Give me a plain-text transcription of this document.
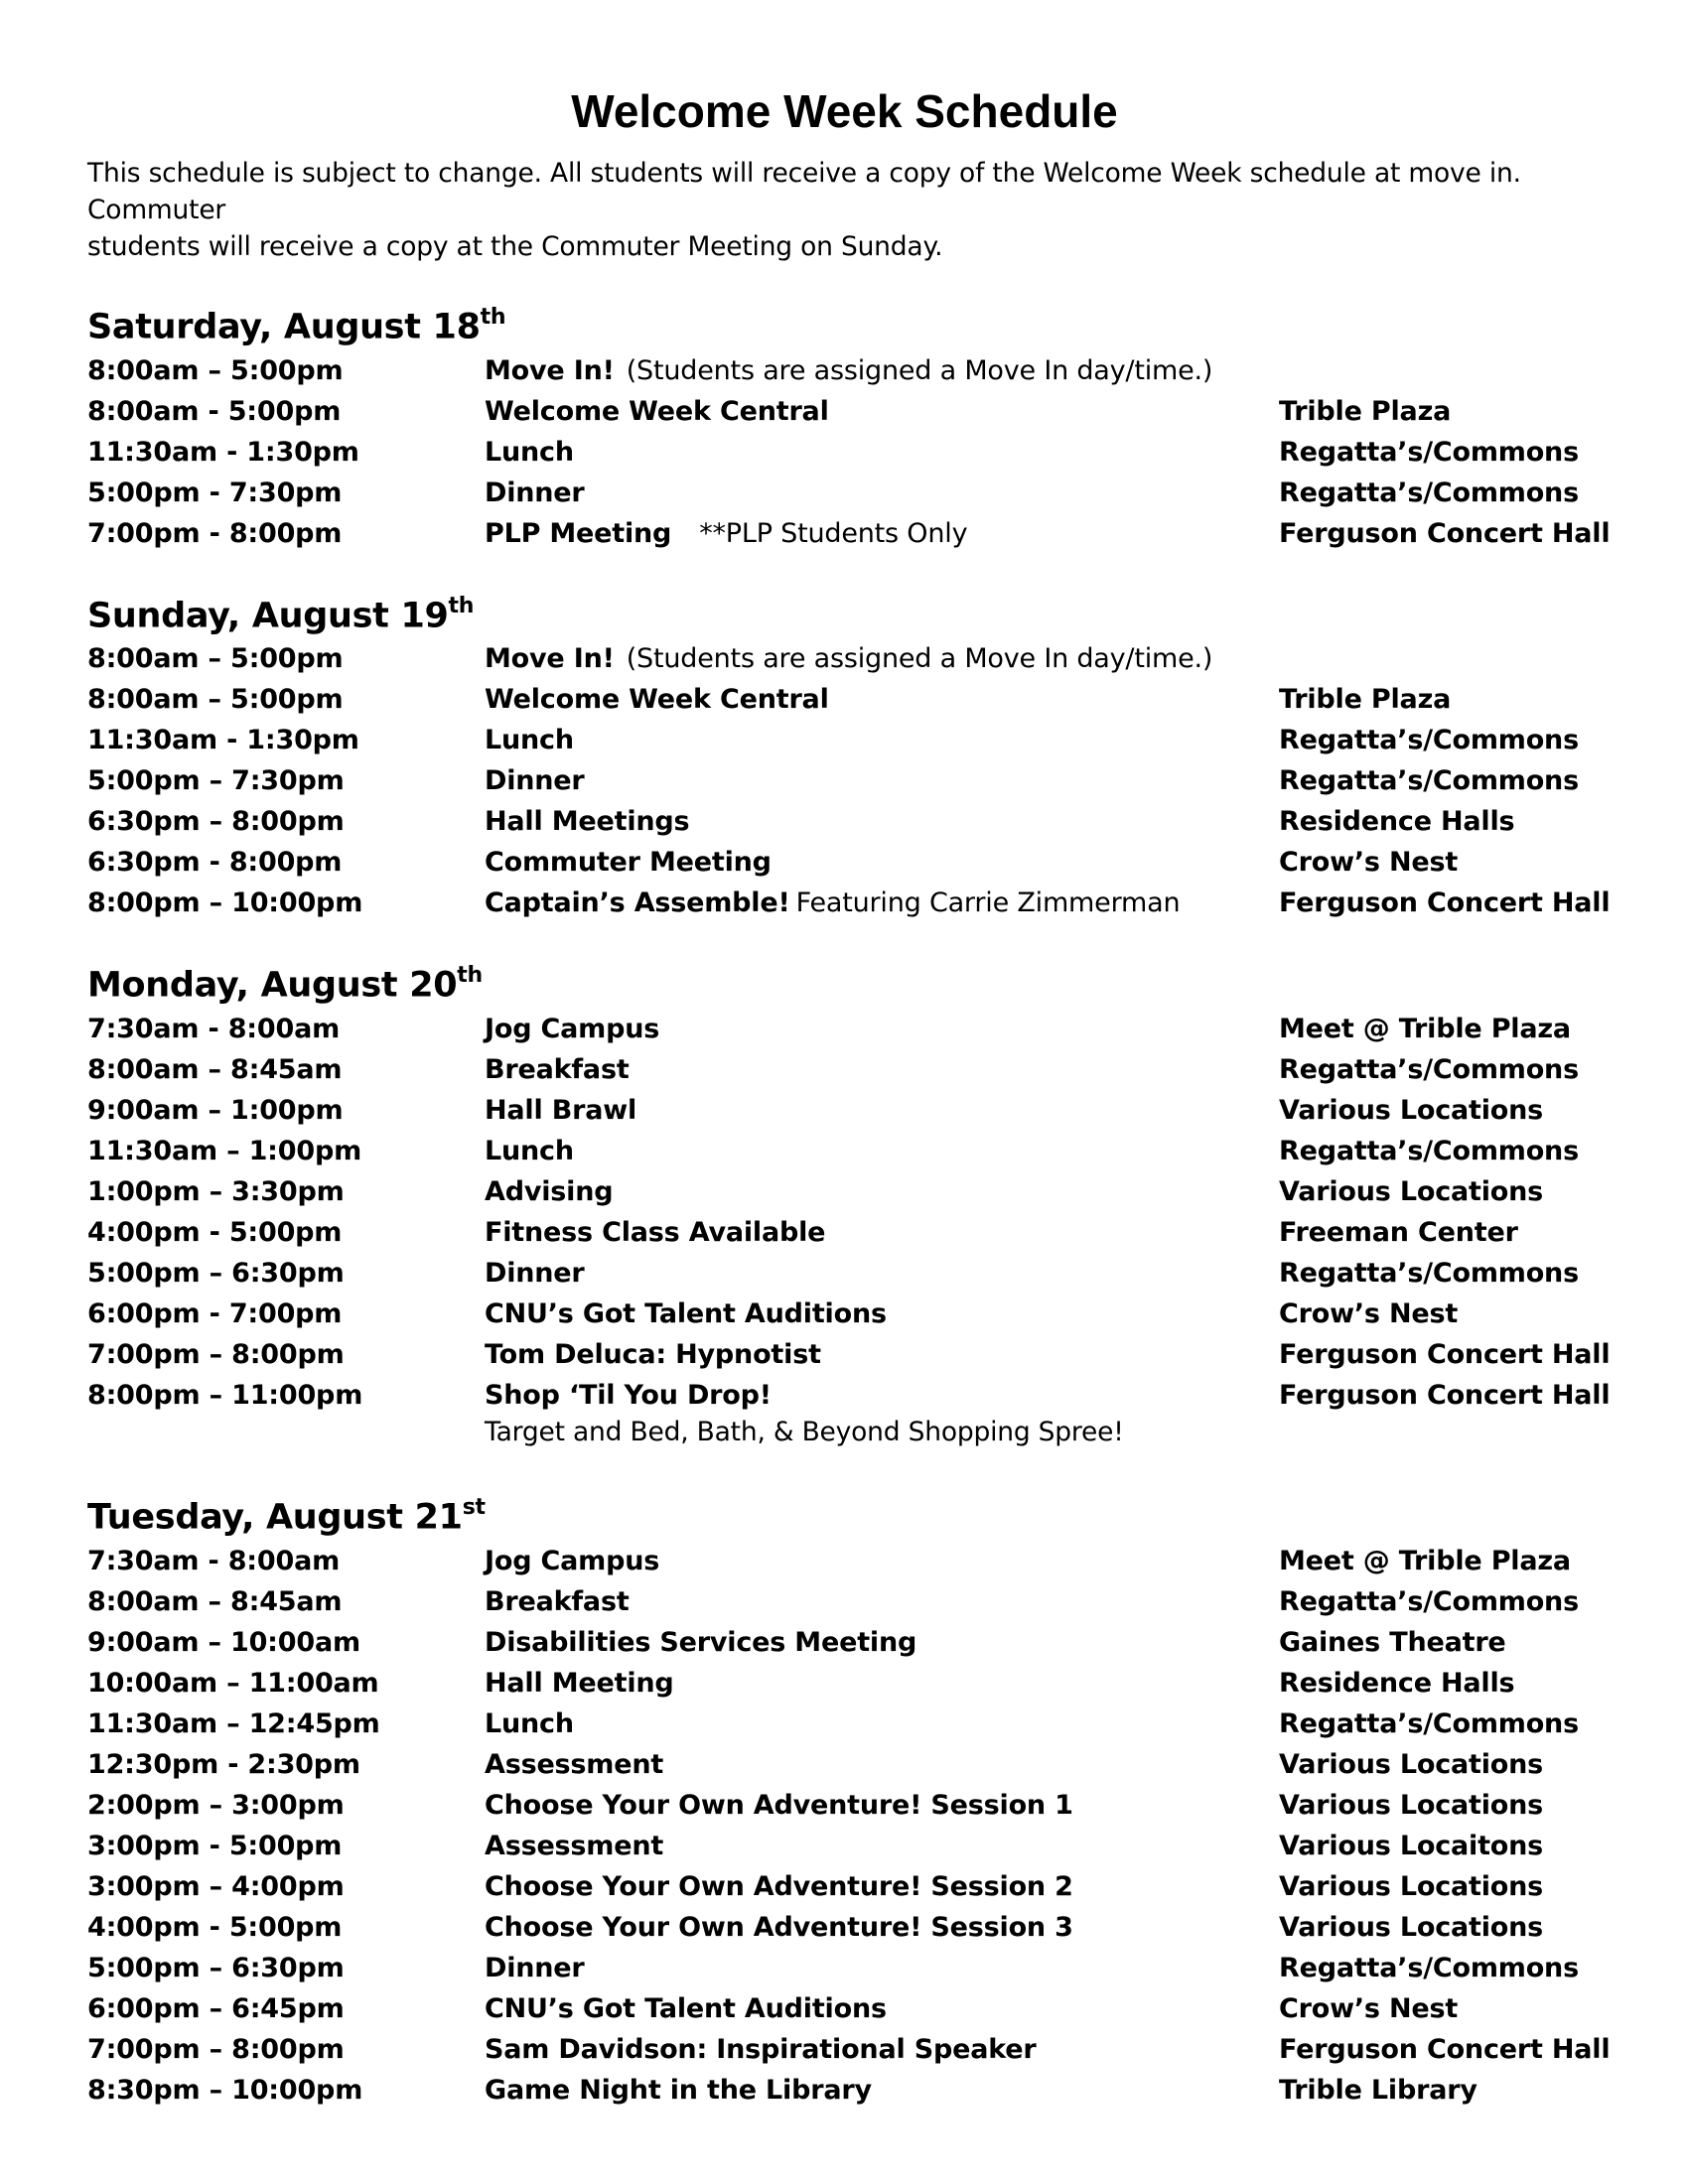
Welcome Week Schedule
This schedule is subject to change. All students will receive a copy of the Welcome Week schedule at move in. Commuter
students will receive a copy at the Commuter Meeting on Sunday.
Saturday, August 18th
8:00am – 5:00pm	Move In! (Students are assigned a Move In day/time.)
8:00am - 5:00pm	Welcome Week Central	Trible Plaza
11:30am - 1:30pm	Lunch	Regatta’s/Commons
5:00pm - 7:30pm	Dinner	Regatta’s/Commons
7:00pm - 8:00pm	PLP Meeting **PLP Students Only	Ferguson Concert Hall
Sunday, August 19th
8:00am – 5:00pm	Move In! (Students are assigned a Move In day/time.)
8:00am – 5:00pm	Welcome Week Central	Trible Plaza
11:30am - 1:30pm	Lunch	Regatta’s/Commons
5:00pm – 7:30pm	Dinner	Regatta’s/Commons
6:30pm – 8:00pm	Hall Meetings	Residence Halls
6:30pm - 8:00pm	Commuter Meeting	Crow’s Nest
8:00pm – 10:00pm	Captain’s Assemble! Featuring Carrie Zimmerman	Ferguson Concert Hall
Monday, August 20th
7:30am - 8:00am	Jog Campus	Meet @ Trible Plaza
8:00am – 8:45am	Breakfast	Regatta’s/Commons
9:00am – 1:00pm	Hall Brawl	Various Locations
11:30am – 1:00pm	Lunch	Regatta’s/Commons
1:00pm – 3:30pm	Advising	Various Locations
4:00pm - 5:00pm	Fitness Class Available	Freeman Center
5:00pm – 6:30pm	Dinner	Regatta’s/Commons
6:00pm - 7:00pm	CNU’s Got Talent Auditions	Crow’s Nest
7:00pm – 8:00pm	Tom Deluca: Hypnotist	Ferguson Concert Hall
8:00pm – 11:00pm	Shop ‘Til You Drop!	Ferguson Concert Hall
Target and Bed, Bath, & Beyond Shopping Spree!
Tuesday, August 21st
7:30am - 8:00am	Jog Campus	Meet @ Trible Plaza
8:00am – 8:45am	Breakfast	Regatta’s/Commons
9:00am – 10:00am	Disabilities Services Meeting	Gaines Theatre
10:00am – 11:00am	Hall Meeting	Residence Halls
11:30am – 12:45pm	Lunch	Regatta’s/Commons
12:30pm - 2:30pm	Assessment	Various Locations
2:00pm – 3:00pm	Choose Your Own Adventure! Session 1	Various Locations
3:00pm - 5:00pm	Assessment	Various Locaitons
3:00pm – 4:00pm	Choose Your Own Adventure! Session 2	Various Locations
4:00pm - 5:00pm	Choose Your Own Adventure! Session 3	Various Locations
5:00pm – 6:30pm	Dinner	Regatta’s/Commons
6:00pm – 6:45pm	CNU’s Got Talent Auditions	Crow’s Nest
7:00pm – 8:00pm	Sam Davidson: Inspirational Speaker	Ferguson Concert Hall
8:30pm – 10:00pm	Game Night in the Library	Trible Library
